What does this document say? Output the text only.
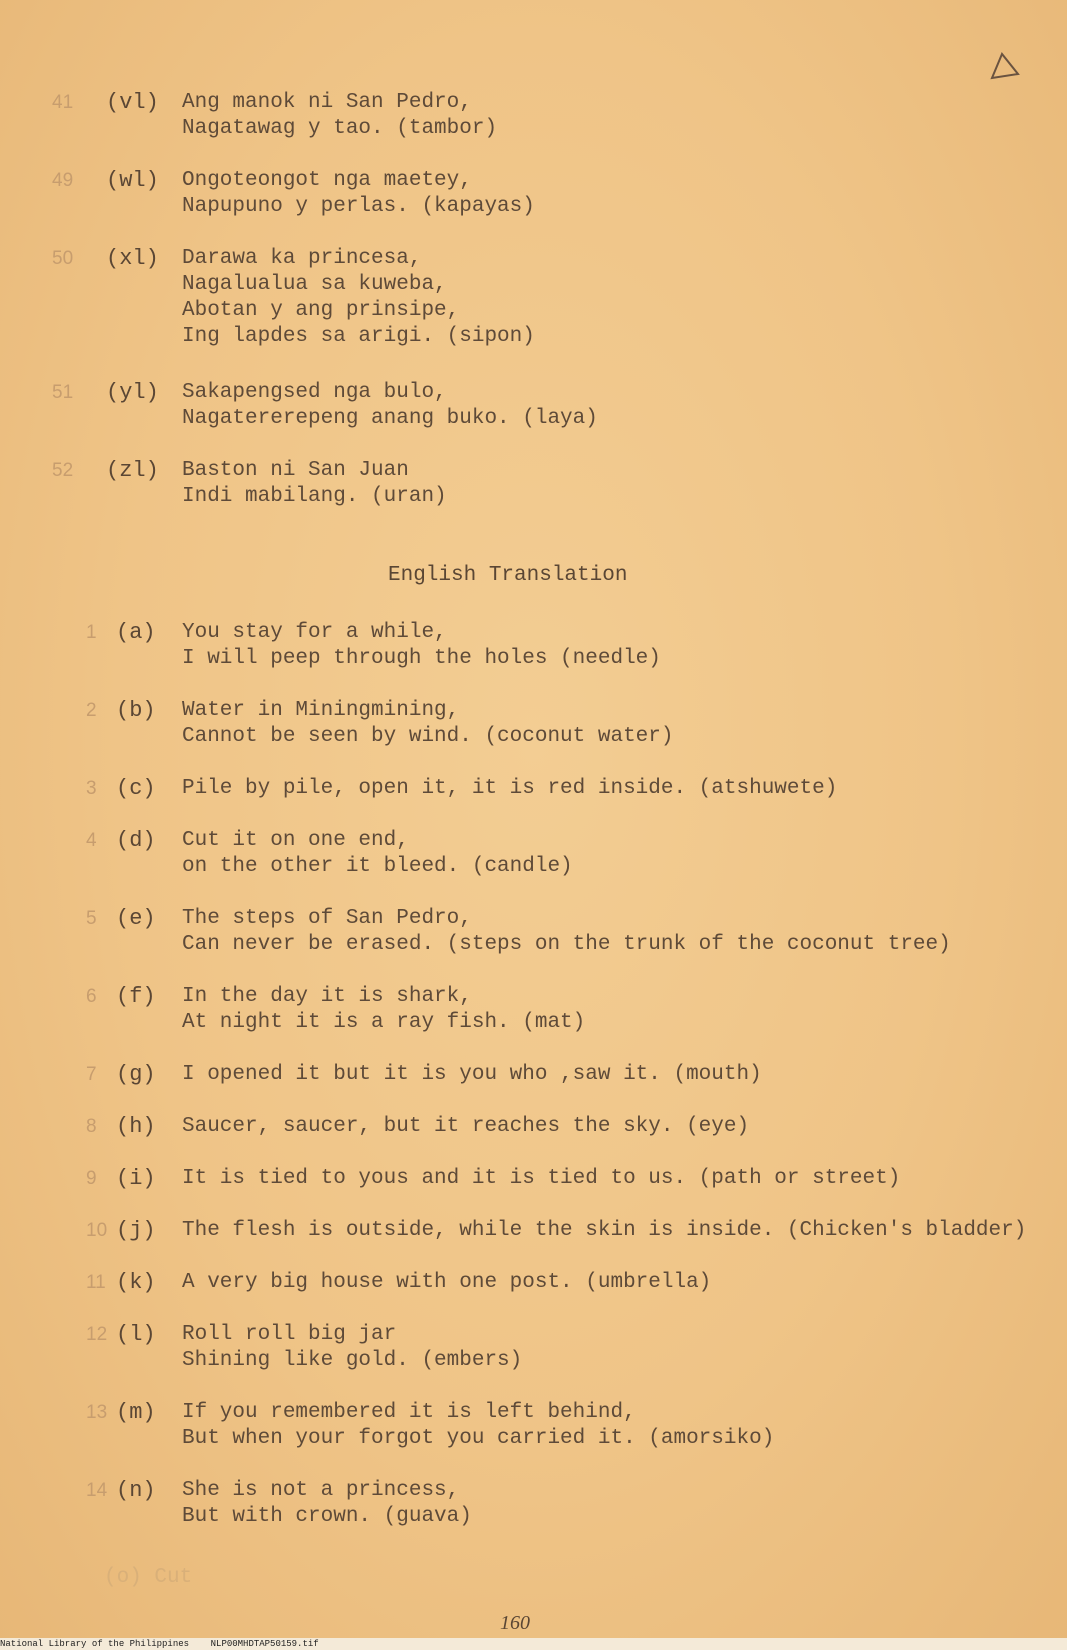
41 (vl) Ang manok ni San Pedro,
Nagatawag y tao. (tambor)
49 (wl) Ongoteongot nga maetey,
Napupuno y perlas. (kapayas)
50 (xl) Darawa ka princesa,
Nagalualua sa kuweba,
Abotan y ang prinsipe,
Ing lapdes sa arigi. (sipon)
51 (yl) Sakapengsed nga bulo,
Nagatererepeng anang buko. (laya)
52 (zl) Baston ni San Juan
Indi mabilang. (uran)
English Translation
1 (a) You stay for a while,
I will peep through the holes (needle)
2 (b) Water in Miningmining,
Cannot be seen by wind. (coconut water)
3 (c) Pile by pile, open it, it is red inside. (atshuwete)
4 (d) Cut it on one end,
on the other it bleed. (candle)
5 (e) The steps of San Pedro,
Can never be erased. (steps on the trunk of the coconut tree)
6 (f) In the day it is shark,
At night it is a ray fish. (mat)
7 (g) I opened it but it is you who ,saw it. (mouth)
8 (h) Saucer, saucer, but it reaches the sky. (eye)
9 (i) It is tied to yous and it is tied to us. (path or street)
10 (j) The flesh is outside, while the skin is inside. (Chicken's bladder)
11 (k) A very big house with one post. (umbrella)
12 (l) Roll roll big jar
Shining like gold. (embers)
13 (m) If you remembered it is left behind,
But when your forgot you carried it. (amorsiko)
14 (n) She is not a princess,
But with crown. (guava)
(o) Cut
160
National Library of the Philippines NLP00MHDTAP50159.tif
